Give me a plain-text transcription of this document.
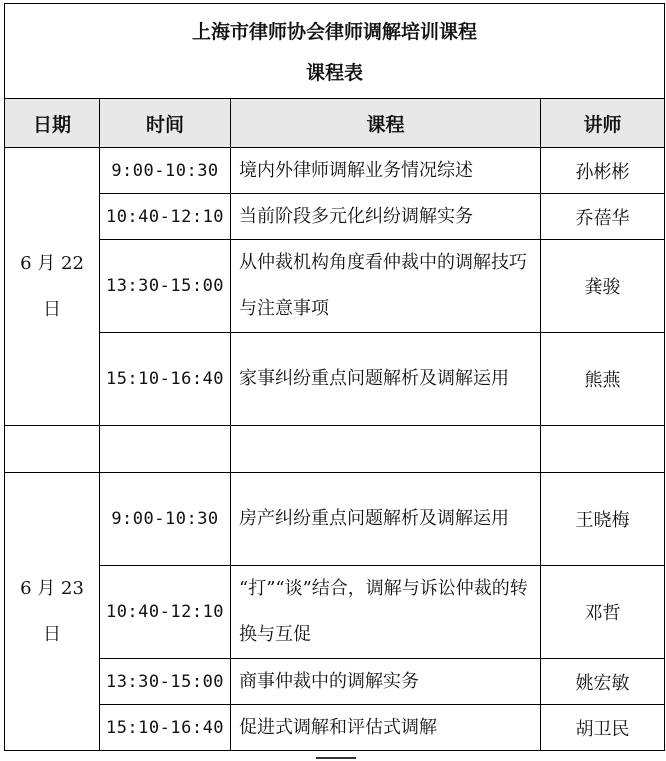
上海市律师协会律师调解培训课程
课程表			

日期	时间	课程	讲师

6 月 22 日	9:00-10:30	境内外律师调解业务情况综述	孙彬彬
	10:40-12:10	当前阶段多元化纠纷调解实务	乔蓓华
	13:30-15:00	从仲裁机构角度看仲裁中的调解技巧与注意事项	龚骏
	15:10-16:40	家事纠纷重点问题解析及调解运用	熊燕

6 月 23 日	9:00-10:30	房产纠纷重点问题解析及调解运用	王晓梅
	10:40-12:10	“打”“谈”结合，调解与诉讼仲裁的转换与互促	邓哲
	13:30-15:00	商事仲裁中的调解实务	姚宏敏
	15:10-16:40	促进式调解和评估式调解	胡卫民
